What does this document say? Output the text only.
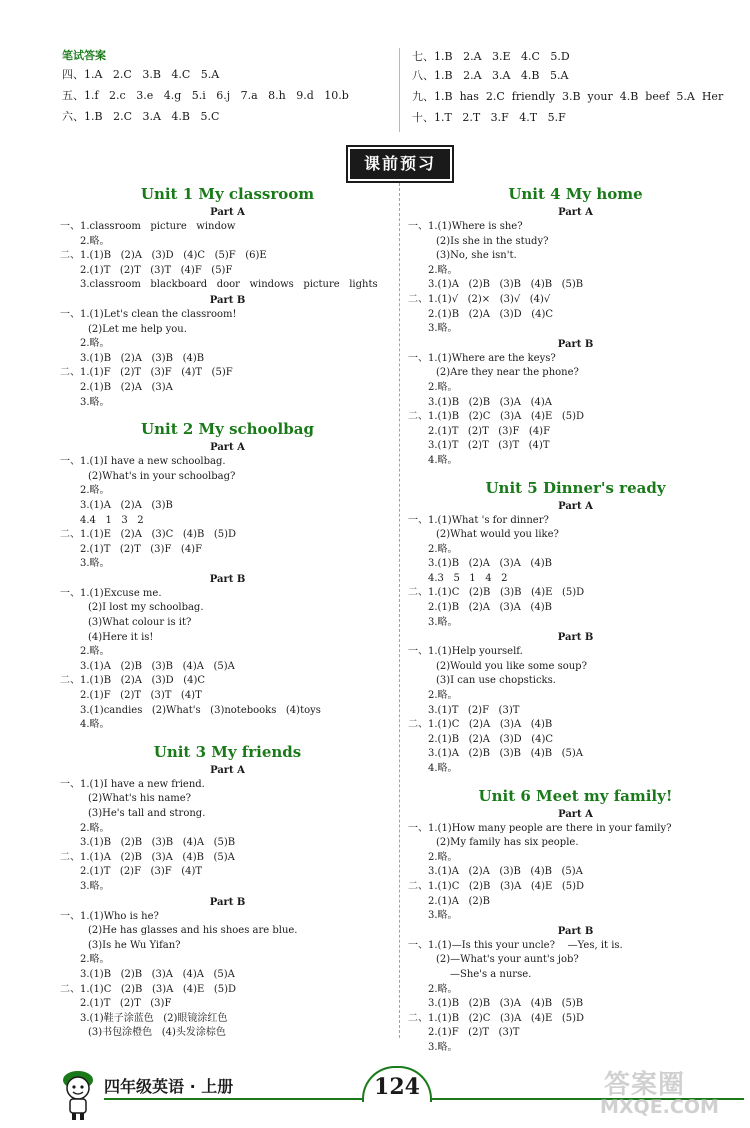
笔试答案
四、1.A   2.C   3.B   4.C   5.A
五、1.f   2.c   3.e   4.g   5.i   6.j   7.a   8.h   9.d   10.b
六、1.B   2.C   3.A   4.B   5.C
七、1.B   2.A   3.E   4.C   5.D
八、1.B   2.A   3.A   4.B   5.A
九、1.B  has  2.C  friendly  3.B  your  4.B  beef  5.A  Her
十、1.T   2.T   3.F   4.T   5.F
课前预习
Unit 1 My classroom
Part A
一、1.classroom   picture   window
2.略。
二、1.(1)B   (2)A   (3)D   (4)C   (5)F   (6)E
2.(1)T   (2)T   (3)T   (4)F   (5)F
3.classroom   blackboard   door   windows   picture   lights
Part B
一、1.(1)Let's clean the classroom!
(2)Let me help you.
2.略。
3.(1)B   (2)A   (3)B   (4)B
二、1.(1)F   (2)T   (3)F   (4)T   (5)F
2.(1)B   (2)A   (3)A
3.略。
Unit 2 My schoolbag
Part A
一、1.(1)I have a new schoolbag.
(2)What's in your schoolbag?
2.略。
3.(1)A   (2)A   (3)B
4.4   1   3   2
二、1.(1)E   (2)A   (3)C   (4)B   (5)D
2.(1)T   (2)T   (3)F   (4)F
3.略。
Part B
一、1.(1)Excuse me.
(2)I lost my schoolbag.
(3)What colour is it?
(4)Here it is!
2.略。
3.(1)A   (2)B   (3)B   (4)A   (5)A
二、1.(1)B   (2)A   (3)D   (4)C
2.(1)F   (2)T   (3)T   (4)T
3.(1)candies   (2)What's   (3)notebooks   (4)toys
4.略。
Unit 3 My friends
Part A
一、1.(1)I have a new friend.
(2)What's his name?
(3)He's tall and strong.
2.略。
3.(1)B   (2)B   (3)B   (4)A   (5)B
二、1.(1)A   (2)B   (3)A   (4)B   (5)A
2.(1)T   (2)F   (3)F   (4)T
3.略。
Part B
一、1.(1)Who is he?
(2)He has glasses and his shoes are blue.
(3)Is he Wu Yifan?
2.略。
3.(1)B   (2)B   (3)A   (4)A   (5)A
二、1.(1)C   (2)B   (3)A   (4)E   (5)D
2.(1)T   (2)T   (3)F
3.(1)鞋子涂蓝色   (2)眼镜涂红色
(3)书包涂橙色   (4)头发涂棕色
Unit 4 My home
Part A
一、1.(1)Where is she?
(2)Is she in the study?
(3)No, she isn't.
2.略。
3.(1)A   (2)B   (3)B   (4)B   (5)B
二、1.(1)√   (2)×   (3)√   (4)√
2.(1)B   (2)A   (3)D   (4)C
3.略。
Part B
一、1.(1)Where are the keys?
(2)Are they near the phone?
2.略。
3.(1)B   (2)B   (3)A   (4)A
二、1.(1)B   (2)C   (3)A   (4)E   (5)D
2.(1)T   (2)T   (3)F   (4)F
3.(1)T   (2)T   (3)T   (4)T
4.略。
Unit 5 Dinner's ready
Part A
一、1.(1)What 's for dinner?
(2)What would you like?
2.略。
3.(1)B   (2)A   (3)A   (4)B
4.3   5   1   4   2
二、1.(1)C   (2)B   (3)B   (4)E   (5)D
2.(1)B   (2)A   (3)A   (4)B
3.略。
Part B
一、1.(1)Help yourself.
(2)Would you like some soup?
(3)I can use chopsticks.
2.略。
3.(1)T   (2)F   (3)T
二、1.(1)C   (2)A   (3)A   (4)B
2.(1)B   (2)A   (3)D   (4)C
3.(1)A   (2)B   (3)B   (4)B   (5)A
4.略。
Unit 6 Meet my family!
Part A
一、1.(1)How many people are there in your family?
(2)My family has six people.
2.略。
3.(1)A   (2)A   (3)B   (4)B   (5)A
二、1.(1)C   (2)B   (3)A   (4)E   (5)D
2.(1)A   (2)B
3.略。
Part B
一、1.(1)—Is this your uncle?    —Yes, it is.
(2)—What's your aunt's job?
—She's a nurse.
2.略。
3.(1)B   (2)B   (3)A   (4)B   (5)B
二、1.(1)B   (2)C   (3)A   (4)E   (5)D
2.(1)F   (2)T   (3)T
3.略。
四年级英语 · 上册	124	答案圈
MXQE.COM
